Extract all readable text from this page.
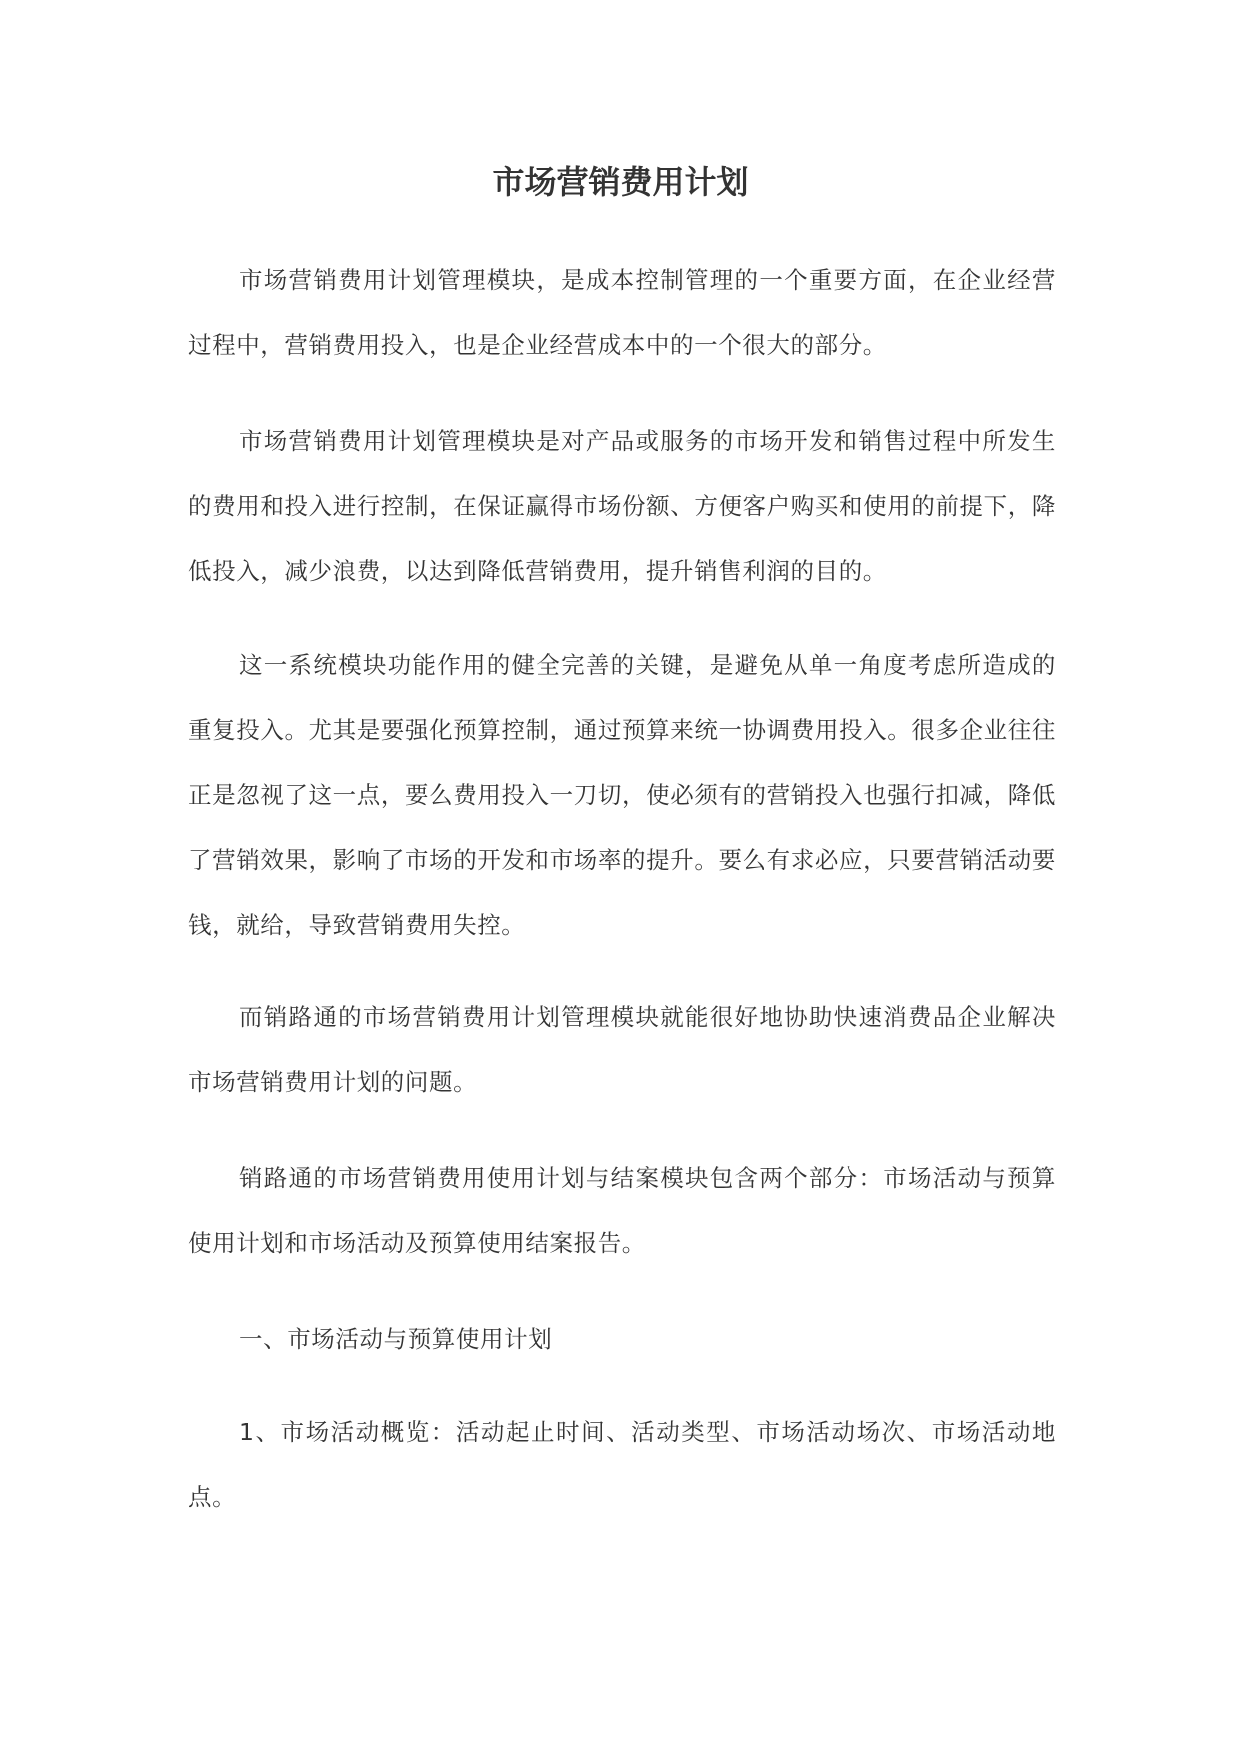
市场营销费用计划

市场营销费用计划管理模块，是成本控制管理的一个重要方面，在企业经营过程中，营销费用投入，也是企业经营成本中的一个很大的部分。

市场营销费用计划管理模块是对产品或服务的市场开发和销售过程中所发生的费用和投入进行控制，在保证赢得市场份额、方便客户购买和使用的前提下，降低投入，减少浪费，以达到降低营销费用，提升销售利润的目的。

这一系统模块功能作用的健全完善的关键，是避免从单一角度考虑所造成的重复投入。尤其是要强化预算控制，通过预算来统一协调费用投入。很多企业往往正是忽视了这一点，要么费用投入一刀切，使必须有的营销投入也强行扣减，降低了营销效果，影响了市场的开发和市场率的提升。要么有求必应，只要营销活动要钱，就给，导致营销费用失控。

而销路通的市场营销费用计划管理模块就能很好地协助快速消费品企业解决市场营销费用计划的问题。

销路通的市场营销费用使用计划与结案模块包含两个部分：市场活动与预算使用计划和市场活动及预算使用结案报告。

一、市场活动与预算使用计划

1、市场活动概览：活动起止时间、活动类型、市场活动场次、市场活动地点。
